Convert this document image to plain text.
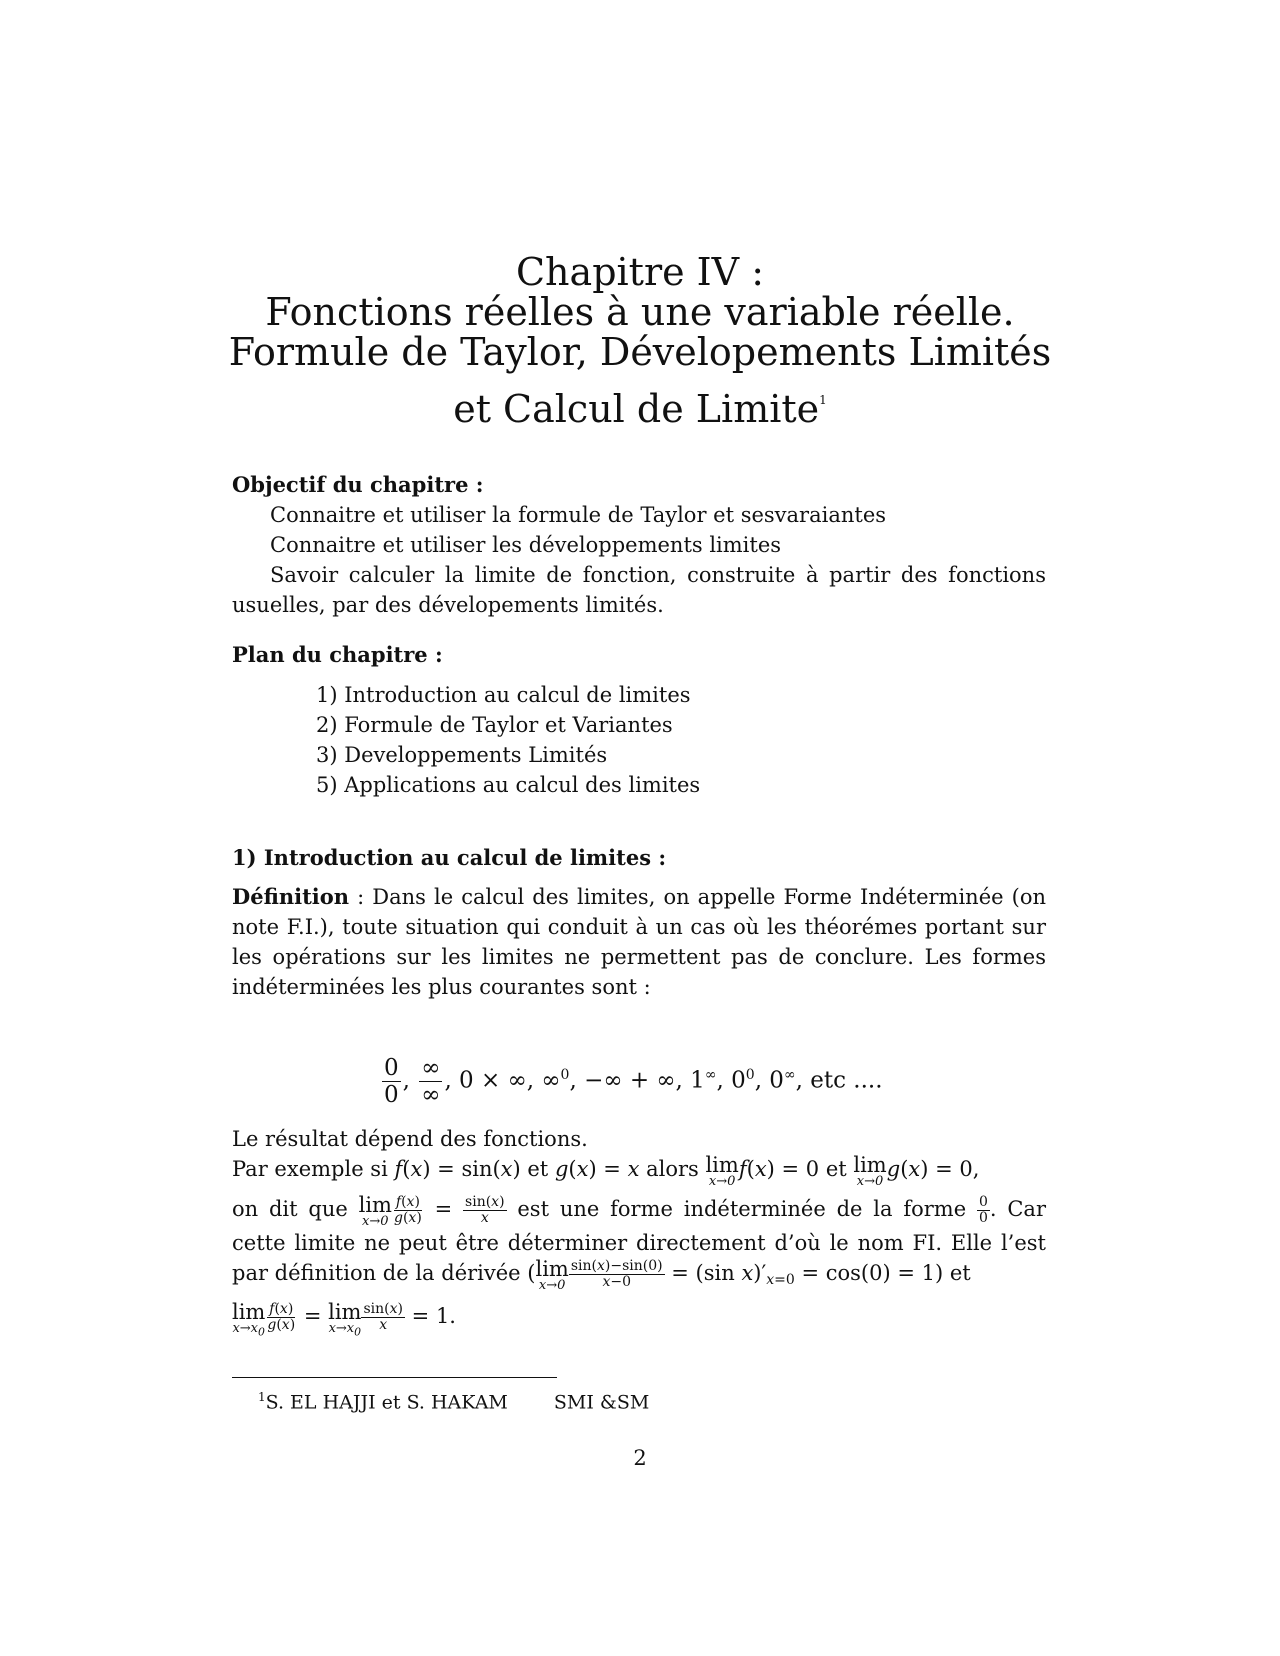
Chapitre IV :
Fonctions réelles à une variable réelle.
Formule de Taylor, Dévelopements Limités
et Calcul de Limite$^1$
Objectif du chapitre :
Connaitre et utiliser la formule de Taylor et sesvaraiantes
Connaitre et utiliser les développements limites
Savoir calculer la limite de fonction, construite à partir des fonctions usuelles, par des dévelopements limités.
Plan du chapitre :
1) Introduction au calcul de limites
2) Formule de Taylor et Variantes
3) Developpements Limités
5) Applications au calcul des limites
1) Introduction au calcul de limites :
Définition : Dans le calcul des limites, on appelle Forme Indéterminée (on note F.I.), toute situation qui conduit à un cas où les théorémes portant sur les opérations sur les limites ne permettent pas de conclure. Les formes indéterminées les plus courantes sont :
$\frac{0}{0}$ , $\frac{\infty}{\infty}$ , 0 × ∞, ∞$^0$, −∞ + ∞, 1∞, $0^0$, 0∞, etc ....
Le résultat dépend des fonctions.
Par exemple si f(x) = sin(x) et g(x) = x alors lim
x→0
f(x) = 0 et lim
x→0
g(x) = 0,
on dit que lim
$x\to 0 \frac{f(x)}{g(x)} = \frac{\sin(x)}{x}$ est une forme indéterminée de la forme $\frac{0}{0}$ . Car cette limite ne peut être déterminer directement d’où le nom FI. Elle l’est par définition de la dérivée ( lim
$x\to 0 \frac{\sin(x)-\sin(0)}{x-0} = (\sin$ x)′x=0 = cos(0) = 1) et
lim
$x\to x_0 \frac{f(x)}{g(x)} = \lim$
$x\to x_0 \frac{\sin(x)}{x} = 1$.
$^1$S. EL HAJJI et S. HAKAM SMI &SM
2
